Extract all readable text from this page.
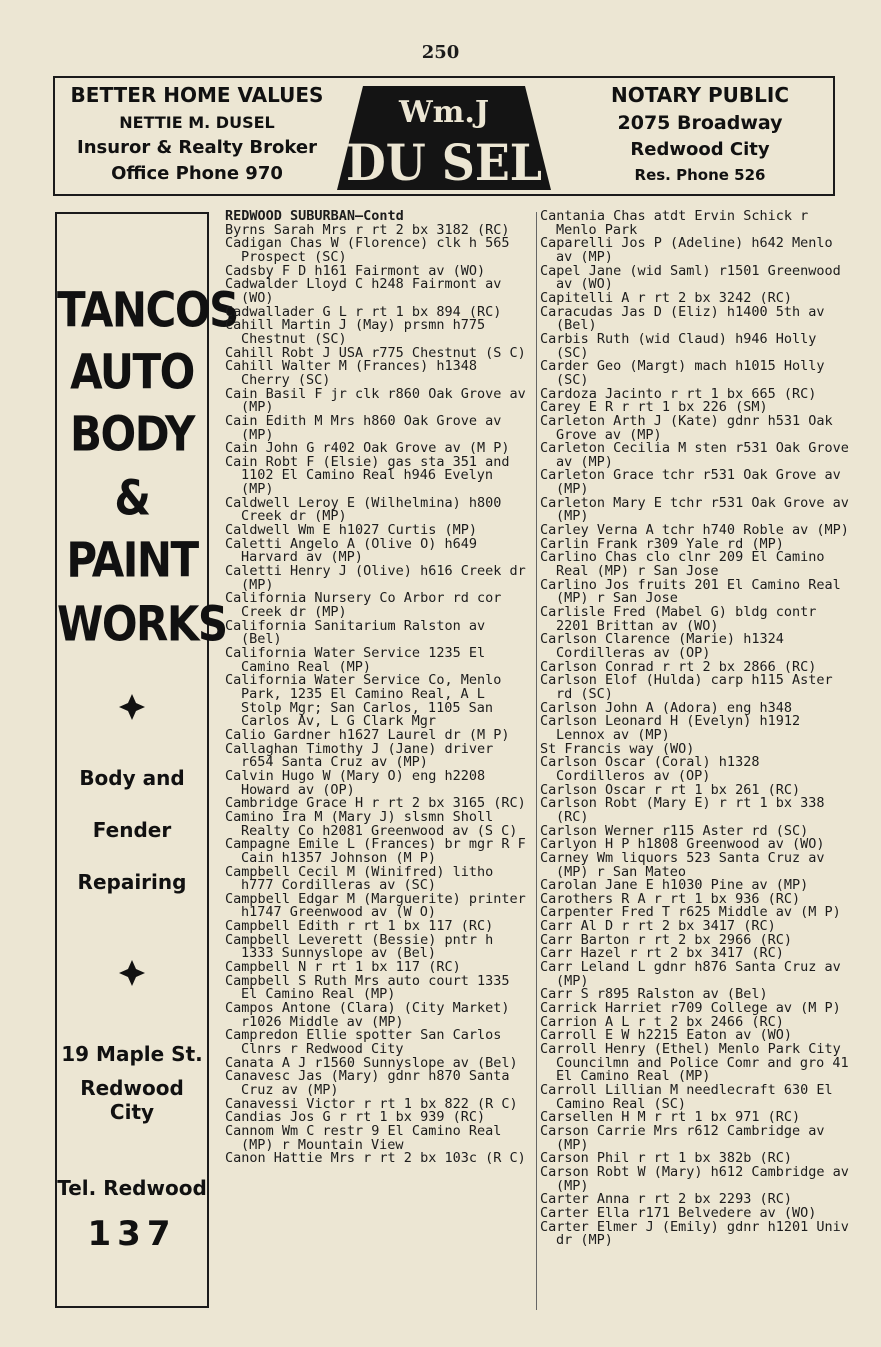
250
BETTER HOME VALUES
NETTIE M. DUSEL
Insuror & Realty Broker
Office Phone 970
Wm.J
DU SEL
NOTARY PUBLIC
2075 Broadway
Redwood City
Res. Phone 526
TANCOS
AUTO
BODY
&
PAINT
WORKS
Body and
Fender
Repairing
19 Maple St.
Redwood City
Tel. Redwood
137
REDWOOD SUBURBAN—Contd
Byrns Sarah Mrs r rt 2 bx 3182 (RC)
Cadigan Chas W (Florence) clk h 565 Prospect (SC)
Cadsby F D h161 Fairmont av (WO)
Cadwalder Lloyd C h248 Fairmont av (WO)
Cadwallader G L r rt 1 bx 894 (RC)
Cahill Martin J (May) prsmn h775 Chestnut (SC)
Cahill Robt J USA r775 Chestnut (S C)
Cahill Walter M (Frances) h1348 Cherry (SC)
Cain Basil F jr clk r860 Oak Grove av (MP)
Cain Edith M Mrs h860 Oak Grove av (MP)
Cain John G r402 Oak Grove av (M P)
Cain Robt F (Elsie) gas sta 351 and 1102 El Camino Real h946 Evelyn (MP)
Caldwell Leroy E (Wilhelmina) h800 Creek dr (MP)
Caldwell Wm E h1027 Curtis (MP)
Caletti Angelo A (Olive O) h649 Harvard av (MP)
Caletti Henry J (Olive) h616 Creek dr (MP)
California Nursery Co Arbor rd cor Creek dr (MP)
California Sanitarium Ralston av (Bel)
California Water Service 1235 El Camino Real (MP)
California Water Service Co, Menlo Park, 1235 El Camino Real, A L Stolp Mgr; San Carlos, 1105 San Carlos Av, L G Clark Mgr
Calio Gardner h1627 Laurel dr (M P)
Callaghan Timothy J (Jane) driver r654 Santa Cruz av (MP)
Calvin Hugo W (Mary O) eng h2208 Howard av (OP)
Cambridge Grace H r rt 2 bx 3165 (RC)
Camino Ira M (Mary J) slsmn Sholl Realty Co h2081 Greenwood av (S C)
Campagne Emile L (Frances) br mgr R F Cain h1357 Johnson (M P)
Campbell Cecil M (Winifred) litho h777 Cordilleras av (SC)
Campbell Edgar M (Marguerite) printer h1747 Greenwood av (W O)
Campbell Edith r rt 1 bx 117 (RC)
Campbell Leverett (Bessie) pntr h 1333 Sunnyslope av (Bel)
Campbell N r rt 1 bx 117 (RC)
Campbell S Ruth Mrs auto court 1335 El Camino Real (MP)
Campos Antone (Clara) (City Market) r1026 Middle av (MP)
Campredon Ellie spotter San Carlos Clnrs r Redwood City
Canata A J r1560 Sunnyslope av (Bel)
Canavesc Jas (Mary) gdnr h870 Santa Cruz av (MP)
Canavessi Victor r rt 1 bx 822 (R C)
Candias Jos G r rt 1 bx 939 (RC)
Cannom Wm C restr 9 El Camino Real (MP) r Mountain View
Canon Hattie Mrs r rt 2 bx 103c (R C)
Cantania Chas atdt Ervin Schick r Menlo Park
Caparelli Jos P (Adeline) h642 Menlo av (MP)
Capel Jane (wid Saml) r1501 Greenwood av (WO)
Capitelli A r rt 2 bx 3242 (RC)
Caracudas Jas D (Eliz) h1400 5th av (Bel)
Carbis Ruth (wid Claud) h946 Holly (SC)
Carder Geo (Margt) mach h1015 Holly (SC)
Cardoza Jacinto r rt 1 bx 665 (RC)
Carey E R r rt 1 bx 226 (SM)
Carleton Arth J (Kate) gdnr h531 Oak Grove av (MP)
Carleton Cecilia M sten r531 Oak Grove av (MP)
Carleton Grace tchr r531 Oak Grove av (MP)
Carleton Mary E tchr r531 Oak Grove av (MP)
Carley Verna A tchr h740 Roble av (MP)
Carlin Frank r309 Yale rd (MP)
Carlino Chas clo clnr 209 El Camino Real (MP) r San Jose
Carlino Jos fruits 201 El Camino Real (MP) r San Jose
Carlisle Fred (Mabel G) bldg contr 2201 Brittan av (WO)
Carlson Clarence (Marie) h1324 Cordilleras av (OP)
Carlson Conrad r rt 2 bx 2866 (RC)
Carlson Elof (Hulda) carp h115 Aster rd (SC)
Carlson John A (Adora) eng h348
Carlson Leonard H (Evelyn) h1912 Lennox av (MP)
St Francis way (WO)
Carlson Oscar (Coral) h1328 Cordilleros av (OP)
Carlson Oscar r rt 1 bx 261 (RC)
Carlson Robt (Mary E) r rt 1 bx 338 (RC)
Carlson Werner r115 Aster rd (SC)
Carlyon H P h1808 Greenwood av (WO)
Carney Wm liquors 523 Santa Cruz av (MP) r San Mateo
Carolan Jane E h1030 Pine av (MP)
Carothers R A r rt 1 bx 936 (RC)
Carpenter Fred T r625 Middle av (M P)
Carr Al D r rt 2 bx 3417 (RC)
Carr Barton r rt 2 bx 2966 (RC)
Carr Hazel r rt 2 bx 3417 (RC)
Carr Leland L gdnr h876 Santa Cruz av (MP)
Carr S r895 Ralston av (Bel)
Carrick Harriet r709 College av (M P)
Carrion A L r t 2 bx 2466 (RC)
Carroll E W h2215 Eaton av (WO)
Carroll Henry (Ethel) Menlo Park City Councilmn and Police Comr and gro 41 El Camino Real (MP)
Carroll Lillian M needlecraft 630 El Camino Real (SC)
Carsellen H M r rt 1 bx 971 (RC)
Carson Carrie Mrs r612 Cambridge av (MP)
Carson Phil r rt 1 bx 382b (RC)
Carson Robt W (Mary) h612 Cambridge av (MP)
Carter Anna r rt 2 bx 2293 (RC)
Carter Ella r171 Belvedere av (WO)
Carter Elmer J (Emily) gdnr h1201 Univ dr (MP)
